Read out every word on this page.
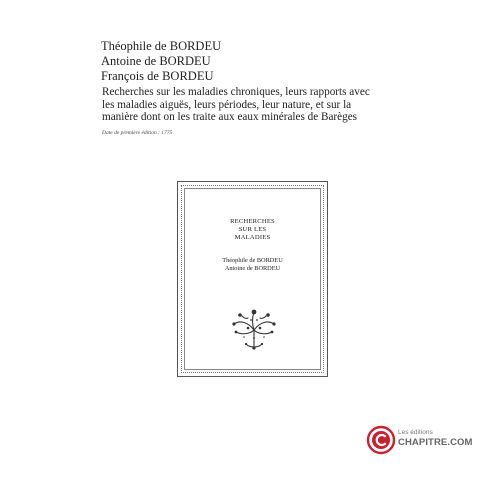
Théophile de BORDEU
Antoine de BORDEU
François de BORDEU
Recherches sur les maladies chroniques, leurs rapports avec
les maladies aiguës, leurs périodes, leur nature, et sur la
manière dont on les traite aux eaux minérales de Barèges
Date de première édition : 1775
RECHERCHES
SUR LES
MALADIES
Théophile de BORDEU
Antoine de BORDEU
Les éditions
CHAPITRE.COM
